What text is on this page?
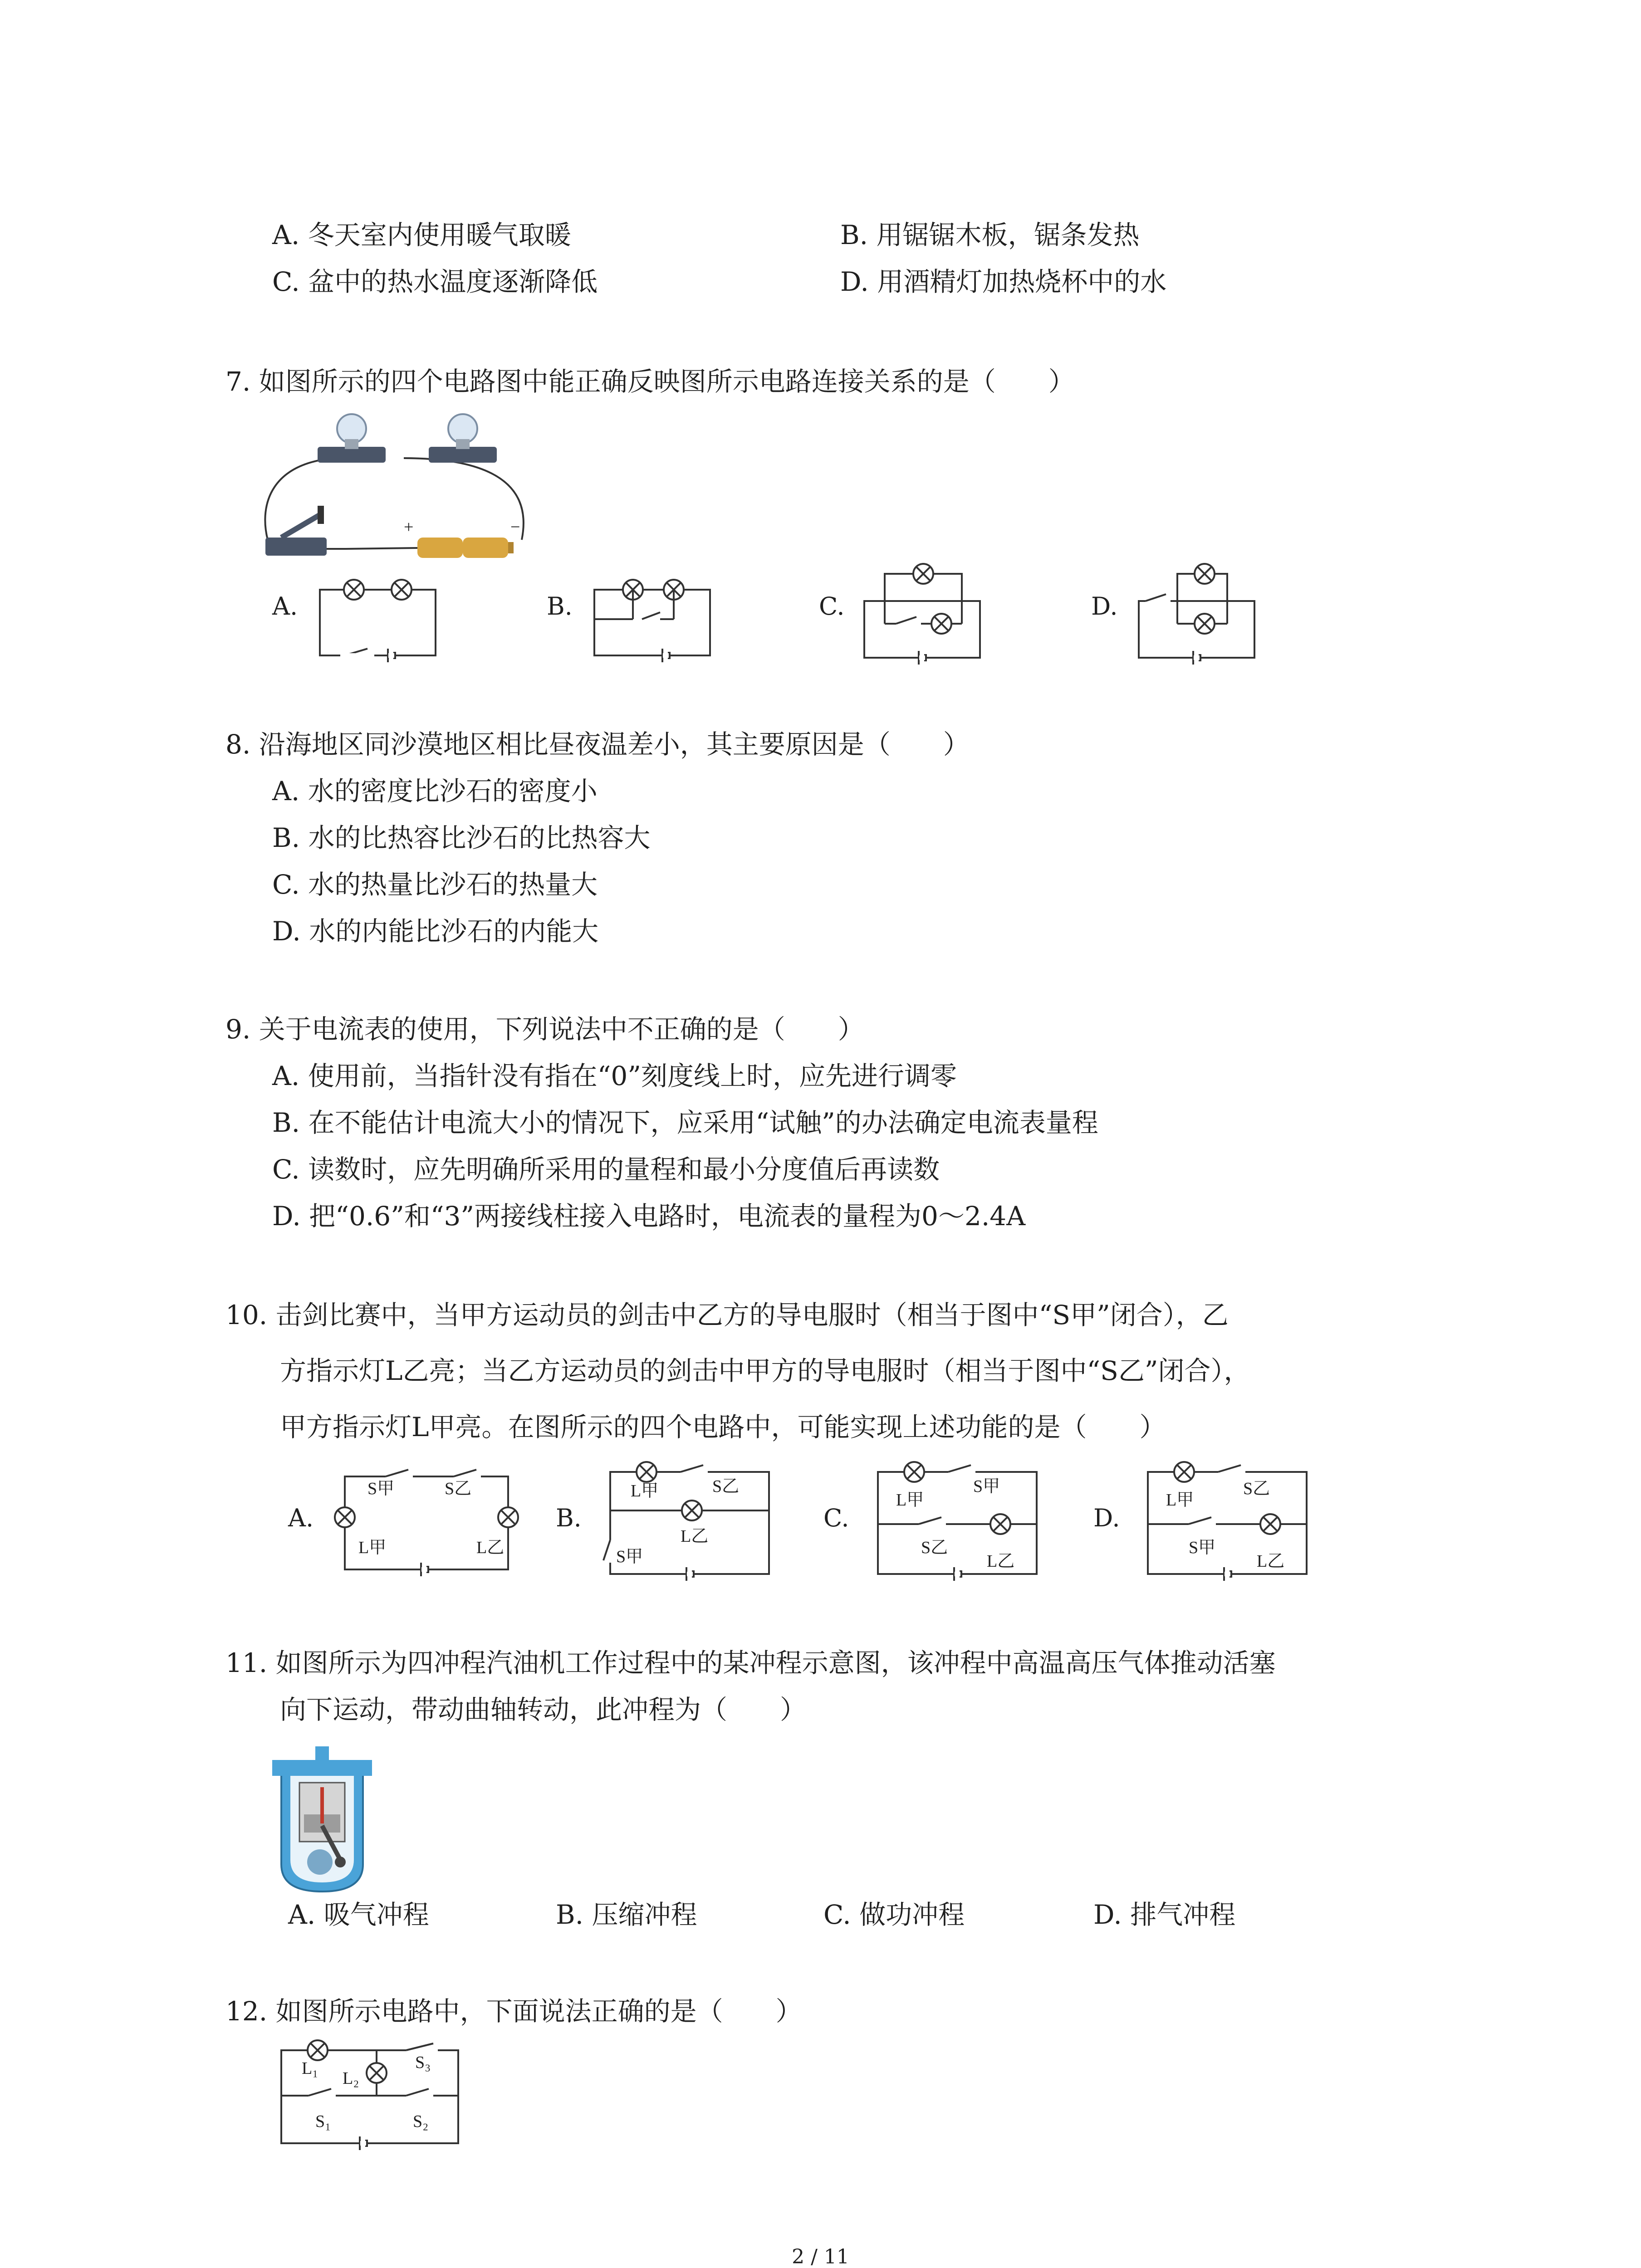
A. 冬天室内使用暖气取暖	B. 用锯锯木板，锯条发热
C. 盆中的热水温度逐渐降低	D. 用酒精灯加热烧杯中的水
7. 如图所示的四个电路图中能正确反映图所示电路连接关系的是（　　）
+	−
A.	B.	C.	D.
8. 沿海地区同沙漠地区相比昼夜温差小，其主要原因是（　　）
A. 水的密度比沙石的密度小
B. 水的比热容比沙石的比热容大
C. 水的热量比沙石的热量大
D. 水的内能比沙石的内能大
9. 关于电流表的使用，下列说法中不正确的是（　　）
A. 使用前，当指针没有指在“0”刻度线上时，应先进行调零
B. 在不能估计电流大小的情况下，应采用“试触”的办法确定电流表量程
C. 读数时，应先明确所采用的量程和最小分度值后再读数
D. 把“0.6”和“3”两接线柱接入电路时，电流表的量程为0～2.4A
10. 击剑比赛中，当甲方运动员的剑击中乙方的导电服时（相当于图中“S甲”闭合），乙
方指示灯L乙亮；当乙方运动员的剑击中甲方的导电服时（相当于图中“S乙”闭合），
甲方指示灯L甲亮。在图所示的四个电路中，可能实现上述功能的是（　　）
A.	B.	C.	D.
S甲	S乙
L甲	L乙
L甲	S乙
L乙
S甲
L甲
S甲
S乙
L乙
L甲
S乙
S甲
L乙
11. 如图所示为四冲程汽油机工作过程中的某冲程示意图，该冲程中高温高压气体推动活塞
向下运动，带动曲轴转动，此冲程为（　　）
A. 吸气冲程	B. 压缩冲程	C. 做功冲程	D. 排气冲程
12. 如图所示电路中，下面说法正确的是（　　）
L₁
L₂
S₃
S₁	S₂
2 / 11
